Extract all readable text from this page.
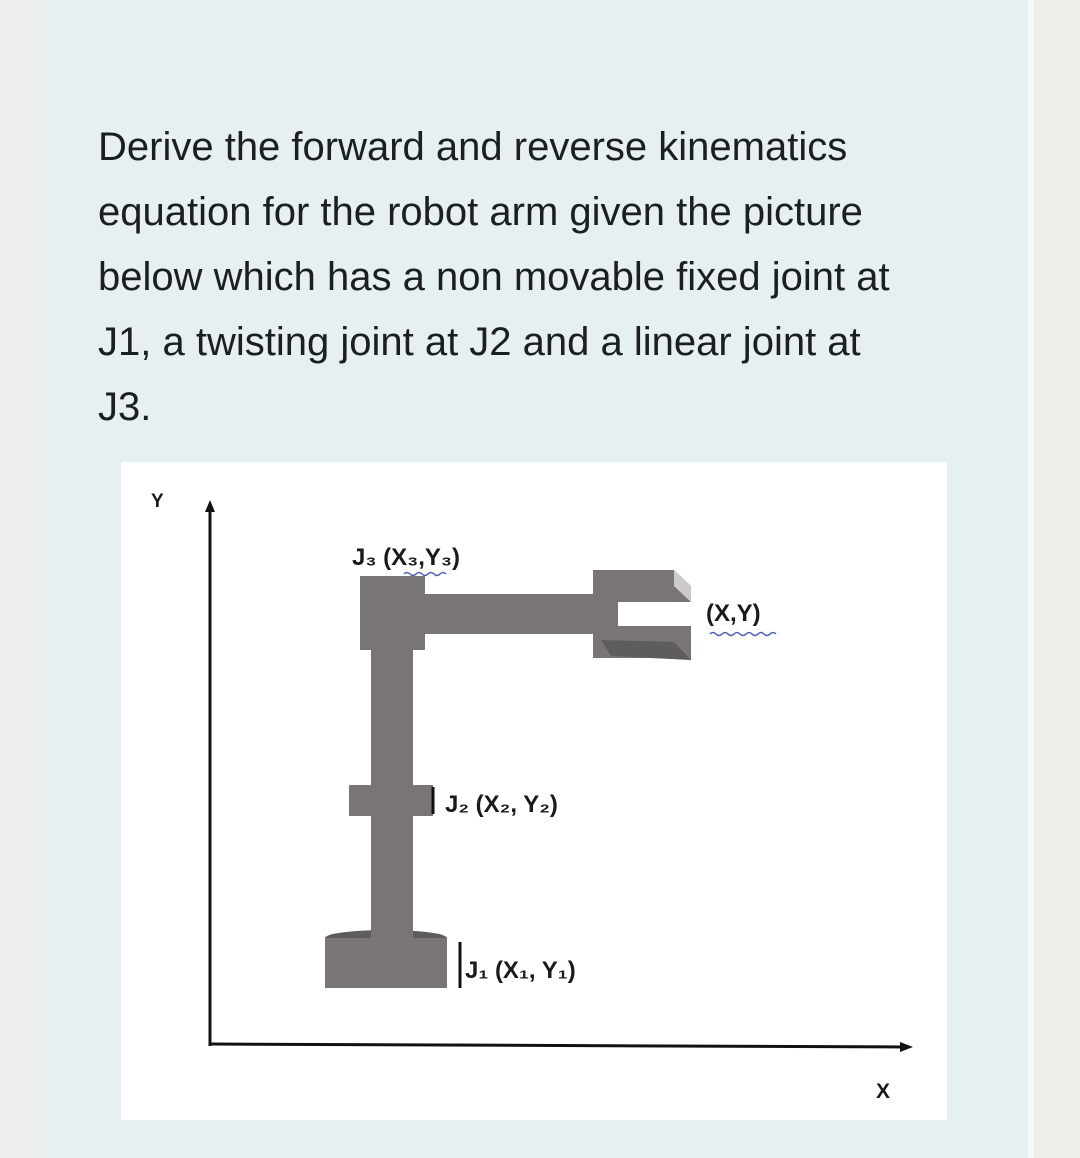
Derive the forward and reverse kinematics
equation for the robot arm given the picture
below which has a non movable fixed joint at
J1, a twisting joint at J2 and a linear joint at
J3.

Y
X
J₃ (X₃,Y₃)
(X,Y)
J₂ (X₂, Y₂)
J₁ (X₁, Y₁)
